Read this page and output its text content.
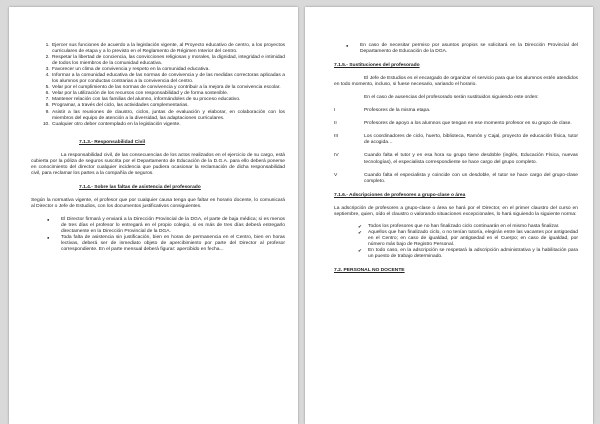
1. Ejercer sus funciones de acuerdo a la legislación vigente, al Proyecto educativo de centro, a los proyectos curriculares de etapa y a lo previsto en el Reglamento de Régimen Interior del centro.
2. Respetar la libertad de conciencia, las convicciones religiosas y morales, la dignidad, integridad e intimidad de todos los miembros de la comunidad educativa.
3. Favorecer un clima de convivencia y respeto en la comunidad educativa.
4. Informar a la comunidad educativa de las normas de convivencia y de las medidas correctoras aplicadas a los alumnos por conductas contrarias a la convivencia del centro.
5. Velar por el cumplimiento de las normas de convivencia y contribuir a la mejora de la convivencia escolar.
6. Velar por la utilización de los recursos con responsabilidad y de forma sostenible.
7. Mantener relación con las familias del alumno, informándoles de su proceso educativo.
8. Programar, a través del ciclo, las actividades complementarias.
9. Asistir a las reuniones de claustro, ciclos, juntas de evaluación y elaborar, en colaboración con los miembros del equipo de atención a la diversidad, las adaptaciones curriculares.
10. Cualquier otro deber contemplado en la legislación vigente.

7.1.3.- Responsabilidad Civil

La responsabilidad civil, de las consecuencias de los actos realizados en el ejercicio de su cargo, está cubierta por la póliza de seguros suscrita por el Departamento de Educación de la D.G.A. para ello deberá ponerse en conocimiento del director cualquier incidencia que pudiera ocasionar la reclamación de dicha responsabilidad civil, para reclamar los partes a la compañía de seguros.

7.1.4.- Sobre las faltas de asistencia del profesorado

Según la normativa vigente, el profesor que por cualquier causa tenga que faltar en horario docente, lo comunicará al Director o Jefe de Estudios, con los documentos justificativos consiguientes.

● El Director firmará y enviará a la Dirección Provincial de la DGA, el parte de baja médica; si es menos de tres días el profesor lo entregará en el propio colegio, si es más de tres días deberá entregarlo directamente en la Dirección Provincial de la DGA.
● Toda falta de asistencia sin justificación, bien en horas de permanencia en el Centro, bien en horas lectivas, deberá ser de inmediato objeto de apercibimiento por parte del Director al profesor correspondiente. En el parte mensual deberá figurar: apercibido en fecha...
● En caso de necesitar permiso por asuntos propios se solicitará en la Dirección Provincial del Departamento de Educación de la DGA.

7.1.5.- Sustituciones del profesorado

El Jefe de Estudios es el encargado de organizar el servicio para que los alumnos estén atendidos en todo momento, incluso, si fuese necesario, variando el horario.

En el caso de ausencias del profesorado serán sustituidos siguiendo este orden:

I	Profesores de la misma etapa.
II	Profesores de apoyo a los alumnos que tengan en ese momento profesor en su grupo de clase.
III	Los coordinadores de ciclo, huerto, biblioteca, Ramón y Cajal, proyecto de educación física, tutor de acogida…
IV	Cuando falta el tutor y en esa hora su grupo tiene desdoble (inglés, Educación Física, nuevas tecnologías), el especialista correspondiente se hace cargo del grupo completo.
V	Cuando falta el especialista y coincide con un desdoble, el tutor se hace cargo del grupo-clase completo.

7.1.6.- Adscripciones de profesores a grupo-clase o área

La adscripción de profesores a grupo-clase o área se hará por el Director, en el primer claustro del curso en septiembre, quien, oído el claustro o valorando situaciones excepcionales, lo hará siguiendo la siguiente norma:

✔ Todos los profesores que no han finalizado ciclo continuarán en el mismo hasta finalizar.
✔ Aquellos que han finalizado ciclo, o no tenían tutoría, elegirán entre las vacantes por antigüedad en el Centro; en caso de igualdad, por antigüedad en el Cuerpo; en caso de igualdad, por número más bajo de Registro Personal.
✔ En todo caso, en la adscripción se respetará la adscripción administrativa y la habilitación para un puesto de trabajo determinado.

7.2. PERSONAL NO DOCENTE
